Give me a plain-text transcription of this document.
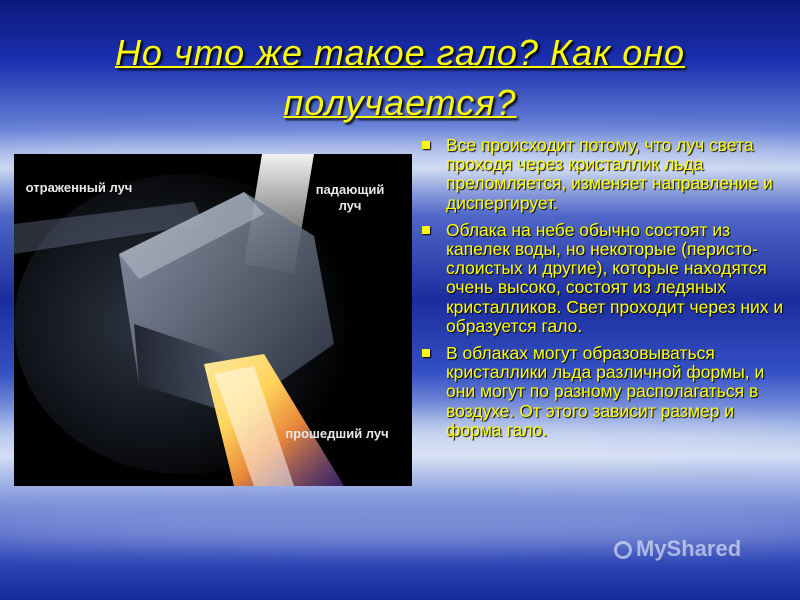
Но что же такое гало? Как оно получается?
отраженный луч	падающий луч
прошедший луч
Все происходит потому, что луч света проходя через кристаллик льда преломляется, изменяет направление и диспергирует.
Облака на небе обычно состоят из капелек воды, но некоторые (перисто-слоистых и другие), которые находятся очень высоко, состоят из ледяных кристалликов. Свет проходит через них и образуется гало.
В облаках могут образовываться кристаллики льда различной формы, и они могут по разному располагаться в воздухе. От этого зависит размер и форма гало.
MyShared
